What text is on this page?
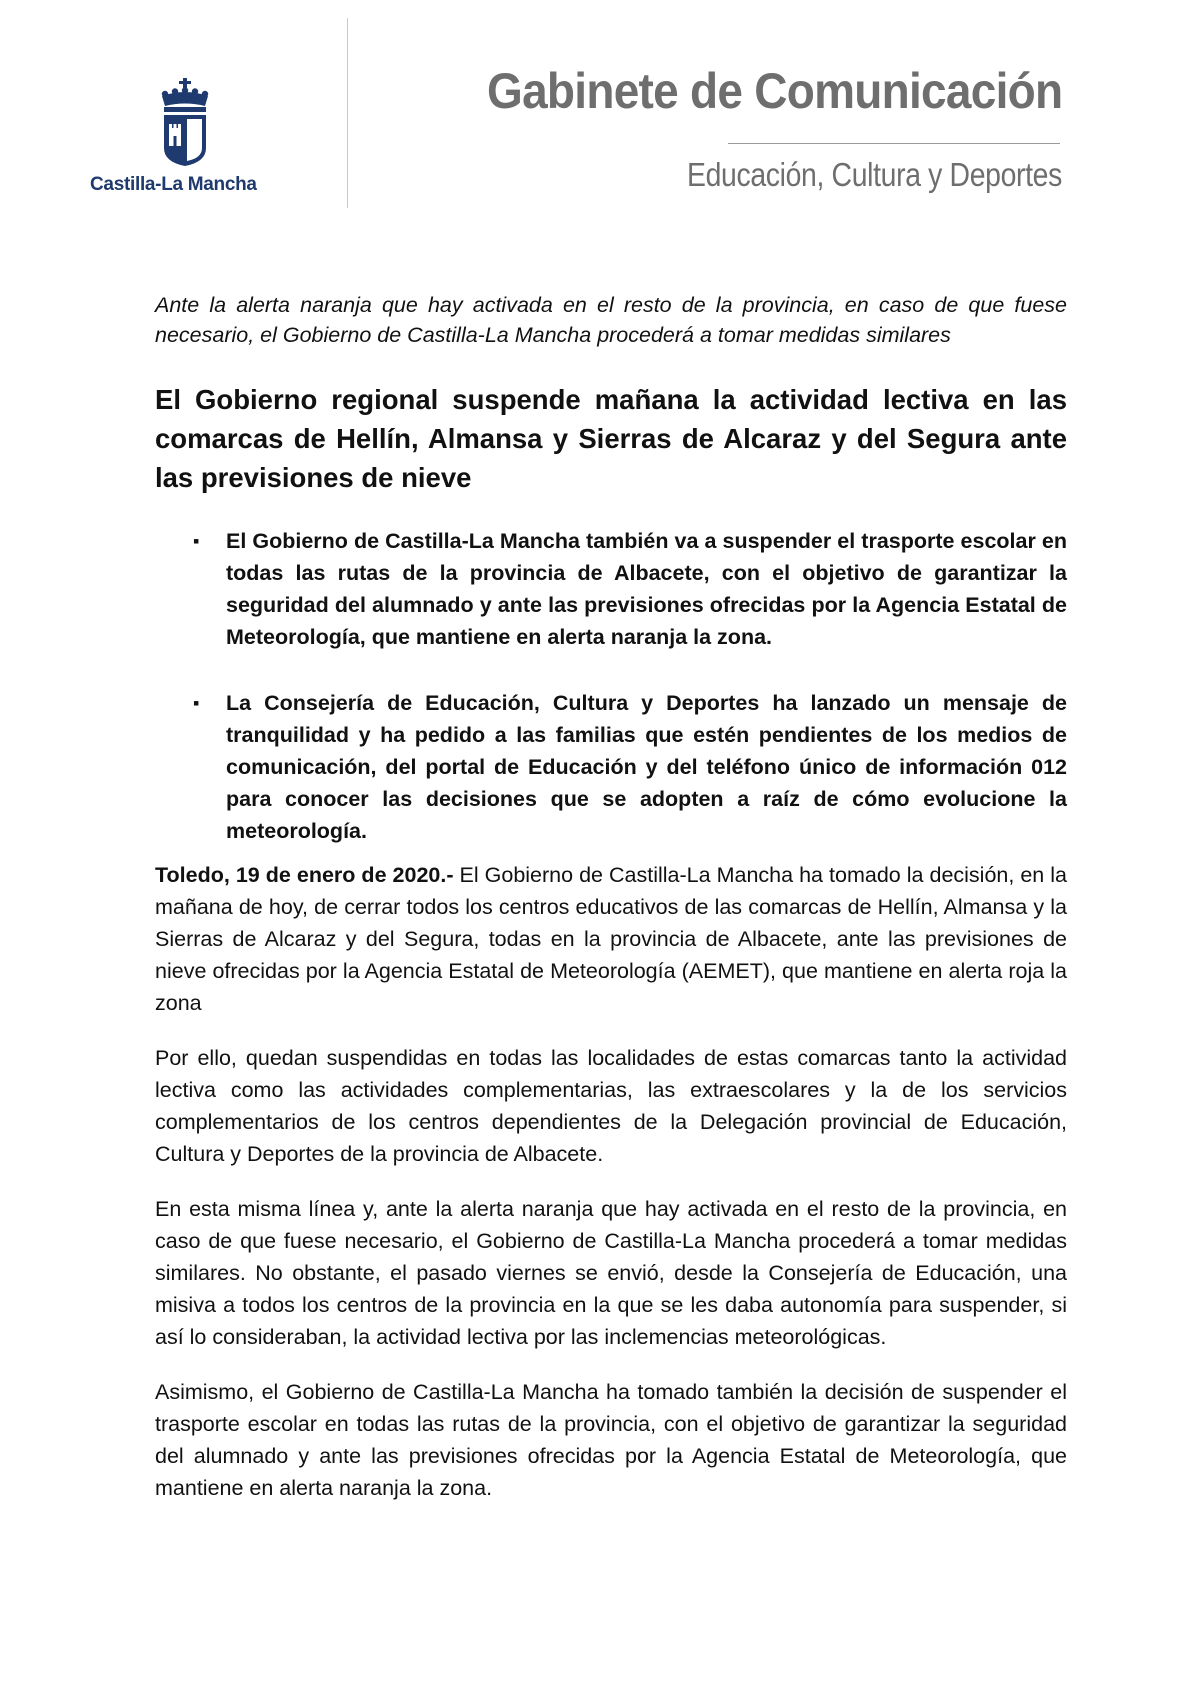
Castilla-La Mancha
Gabinete de Comunicación
Educación, Cultura y Deportes

Ante la alerta naranja que hay activada en el resto de la provincia, en caso de que fuese necesario, el Gobierno de Castilla-La Mancha procederá a tomar medidas similares

El Gobierno regional suspende mañana la actividad lectiva en las comarcas de Hellín, Almansa y Sierras de Alcaraz y del Segura ante las previsiones de nieve
▪ El Gobierno de Castilla-La Mancha también va a suspender el trasporte escolar en todas las rutas de la provincia de Albacete, con el objetivo de garantizar la seguridad del alumnado y ante las previsiones ofrecidas por la Agencia Estatal de Meteorología, que mantiene en alerta naranja la zona.
▪ La Consejería de Educación, Cultura y Deportes ha lanzado un mensaje de tranquilidad y ha pedido a las familias que estén pendientes de los medios de comunicación, del portal de Educación y del teléfono único de información 012 para conocer las decisiones que se adopten a raíz de cómo evolucione la meteorología.

Toledo, 19 de enero de 2020.- El Gobierno de Castilla-La Mancha ha tomado la decisión, en la mañana de hoy, de cerrar todos los centros educativos de las comarcas de Hellín, Almansa y la Sierras de Alcaraz y del Segura, todas en la provincia de Albacete, ante las previsiones de nieve ofrecidas por la Agencia Estatal de Meteorología (AEMET), que mantiene en alerta roja la zona

Por ello, quedan suspendidas en todas las localidades de estas comarcas tanto la actividad lectiva como las actividades complementarias, las extraescolares y la de los servicios complementarios de los centros dependientes de la Delegación provincial de Educación, Cultura y Deportes de la provincia de Albacete.

En esta misma línea y, ante la alerta naranja que hay activada en el resto de la provincia, en caso de que fuese necesario, el Gobierno de Castilla-La Mancha procederá a tomar medidas similares. No obstante, el pasado viernes se envió, desde la Consejería de Educación, una misiva a todos los centros de la provincia en la que se les daba autonomía para suspender, si así lo consideraban, la actividad lectiva por las inclemencias meteorológicas.

Asimismo, el Gobierno de Castilla-La Mancha ha tomado también la decisión de suspender el trasporte escolar en todas las rutas de la provincia, con el objetivo de garantizar la seguridad del alumnado y ante las previsiones ofrecidas por la Agencia Estatal de Meteorología, que mantiene en alerta naranja la zona.
